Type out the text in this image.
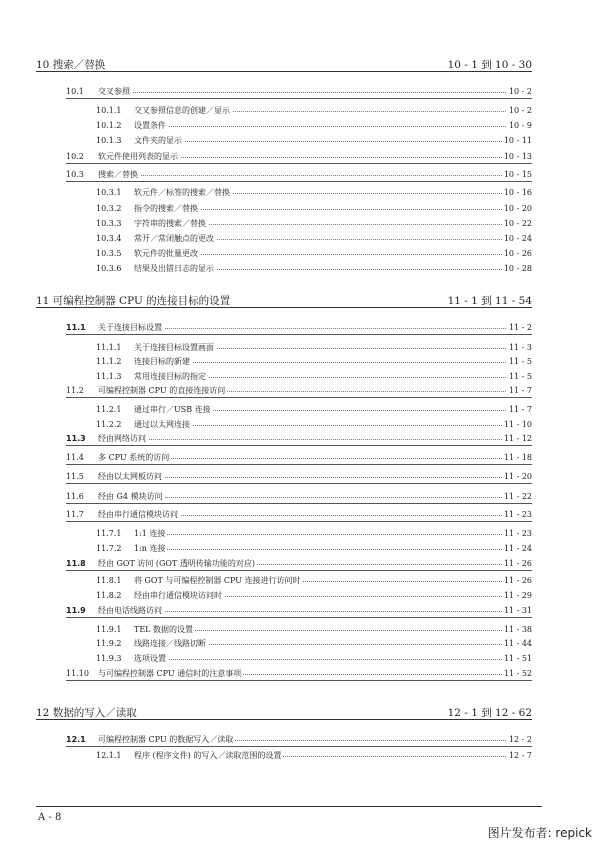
10 搜索／替换	10 - 1 到 10 - 30
10.1 交叉参照	10 - 2
10.1.1 交叉参照信息的创建／显示	10 - 2
10.1.2 设置条件	10 - 9
10.1.3 文件夹的显示	10 - 11
10.2 软元件使用列表的显示	10 - 13
10.3 搜索／替换	10 - 15
10.3.1 软元件／标签的搜索／替换	10 - 16
10.3.2 指令的搜索／替换	10 - 20
10.3.3 字符串的搜索／替换	10 - 22
10.3.4 常开／常闭触点的更改	10 - 24
10.3.5 软元件的批量更改	10 - 26
10.3.6 结果及出错日志的显示	10 - 28
11 可编程控制器 CPU 的连接目标的设置	11 - 1 到 11 - 54
11.1 关于连接目标设置	11 - 2
11.1.1 关于连接目标设置画面	11 - 3
11.1.2 连接目标的新建	11 - 5
11.1.3 常用连接目标的指定	11 - 5
11.2 可编程控制器 CPU 的直接连接访问	11 - 7
11.2.1 通过串行／USB 连接	11 - 7
11.2.2 通过以太网连接	11 - 10
11.3 经由网络访问	11 - 12
11.4 多 CPU 系统的访问	11 - 18
11.5 经由以太网板访问	11 - 20
11.6 经由 G4 模块访问	11 - 22
11.7 经由串行通信模块访问	11 - 23
11.7.1 1:1 连接	11 - 23
11.7.2 1:n 连接	11 - 24
11.8 经由 GOT 访问 (GOT 透明传输功能的对应)	11 - 26
11.8.1 将 GOT 与可编程控制器 CPU 连接进行访问时	11 - 26
11.8.2 经由串行通信模块访问时	11 - 29
11.9 经由电话线路访问	11 - 31
11.9.1 TEL 数据的设置	11 - 38
11.9.2 线路连接／线路切断	11 - 44
11.9.3 选项设置	11 - 51
11.10 与可编程控制器 CPU 通信时的注意事项	11 - 52
12 数据的写入／读取	12 - 1 到 12 - 62
12.1 可编程控制器 CPU 的数据写入／读取	12 - 2
12.1.1 程序 (程序文件) 的写入／读取范围的设置	12 - 7
A - 8
图片发布者: repick
